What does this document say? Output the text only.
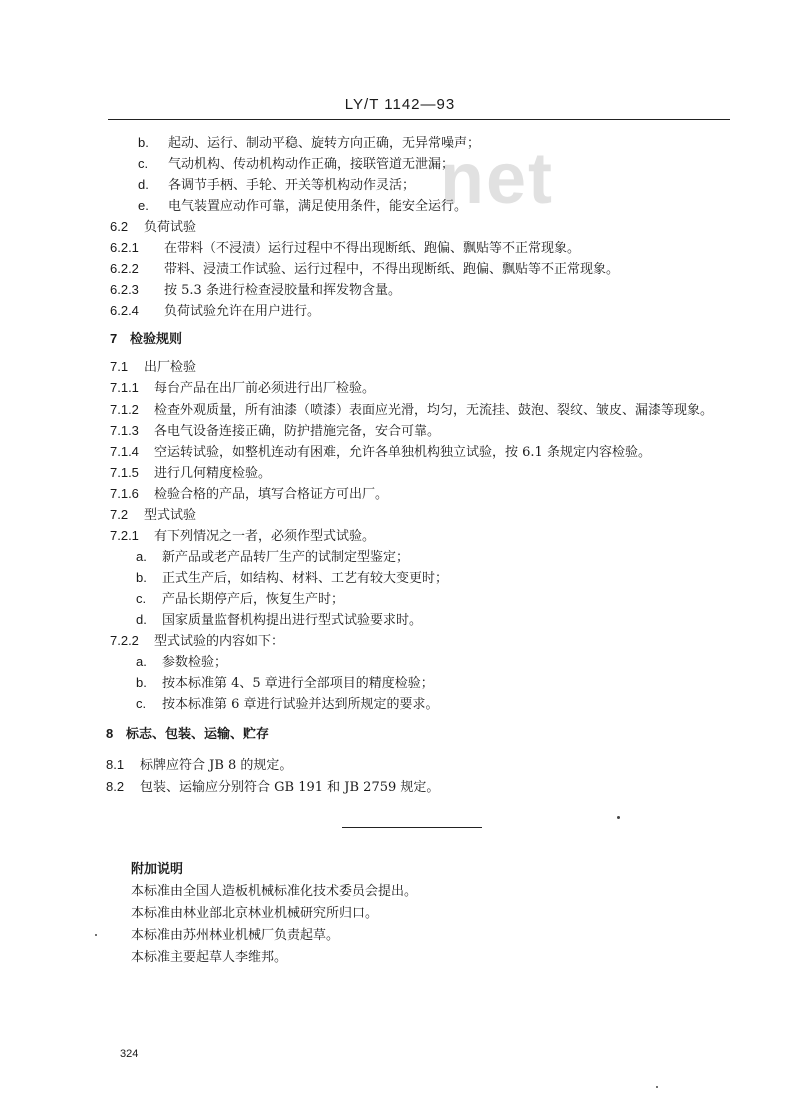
LY/T 1142—93
net
b. 起动、运行、制动平稳、旋转方向正确，无异常噪声；
c. 气动机构、传动机构动作正确，接联管道无泄漏；
d. 各调节手柄、手轮、开关等机构动作灵活；
e. 电气装置应动作可靠，满足使用条件，能安全运行。
6.2 负荷试验
6.2.1 在带料（不浸渍）运行过程中不得出现断纸、跑偏、飘贴等不正常现象。
6.2.2 带料、浸渍工作试验、运行过程中，不得出现断纸、跑偏、飘贴等不正常现象。
6.2.3 按 5.3 条进行检查浸胶量和挥发物含量。
6.2.4 负荷试验允许在用户进行。
7 检验规则
7.1 出厂检验
7.1.1 每台产品在出厂前必须进行出厂检验。
7.1.2 检查外观质量，所有油漆（喷漆）表面应光滑，均匀，无流挂、鼓泡、裂纹、皱皮、漏漆等现象。
7.1.3 各电气设备连接正确，防护措施完备，安合可靠。
7.1.4 空运转试验，如整机连动有困难，允许各单独机构独立试验，按 6.1 条规定内容检验。
7.1.5 进行几何精度检验。
7.1.6 检验合格的产品，填写合格证方可出厂。
7.2 型式试验
7.2.1 有下列情况之一者，必须作型式试验。
a. 新产品或老产品转厂生产的试制定型鉴定；
b. 正式生产后，如结构、材料、工艺有较大变更时；
c. 产品长期停产后，恢复生产时；
d. 国家质量监督机构提出进行型式试验要求时。
7.2.2 型式试验的内容如下：
a. 参数检验；
b. 按本标准第 4、5 章进行全部项目的精度检验；
c. 按本标准第 6 章进行试验并达到所规定的要求。
8 标志、包装、运输、贮存
8.1 标牌应符合 JB 8 的规定。
8.2 包装、运输应分别符合 GB 191 和 JB 2759 规定。
附加说明
本标准由全国人造板机械标准化技术委员会提出。
本标准由林业部北京林业机械研究所归口。
本标准由苏州林业机械厂负责起草。
本标准主要起草人李维邦。
324
